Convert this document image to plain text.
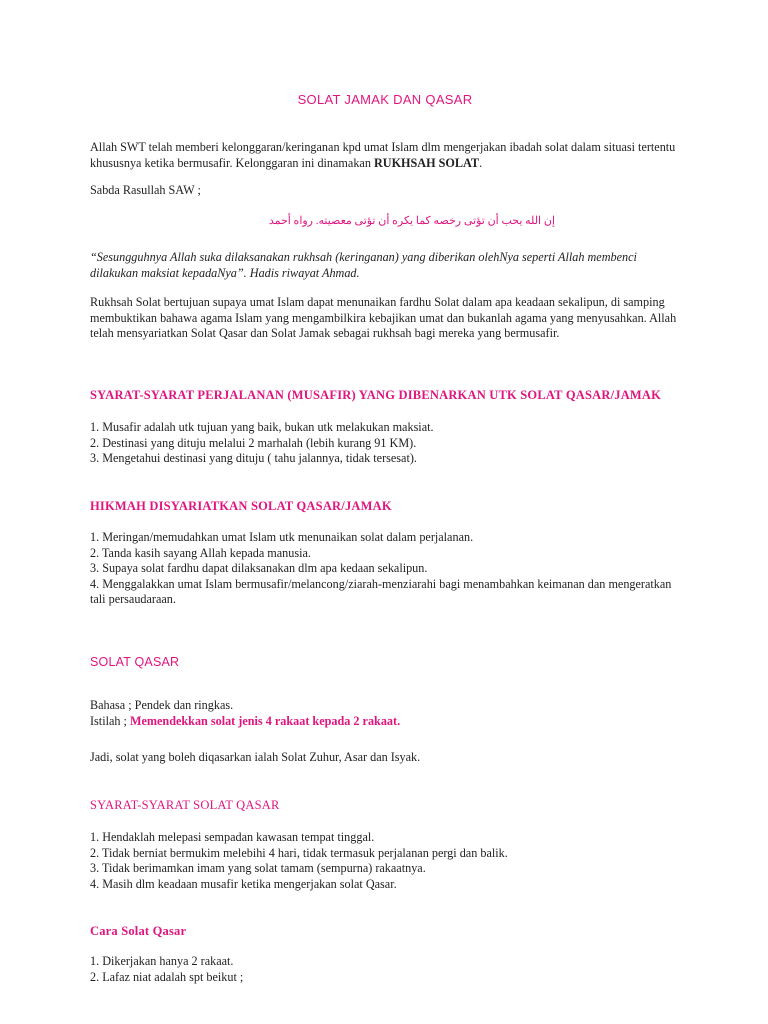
SOLAT JAMAK DAN QASAR

Allah SWT telah memberi kelonggaran/keringanan kpd umat Islam dlm mengerjakan ibadah solat dalam situasi tertentu khususnya ketika bermusafir. Kelonggaran ini dinamakan RUKHSAH SOLAT.

Sabda Rasullah SAW ;

إن الله يحب أن تؤتى رخصه كما يكره أن تؤتى معصيته. رواه أحمد

“Sesungguhnya Allah suka dilaksanakan rukhsah (keringanan) yang diberikan olehNya seperti Allah membenci dilakukan maksiat kepadaNya”. Hadis riwayat Ahmad.

Rukhsah Solat bertujuan supaya umat Islam dapat menunaikan fardhu Solat dalam apa keadaan sekalipun, di samping membuktikan bahawa agama Islam yang mengambilkira kebajikan umat dan bukanlah agama yang menyusahkan. Allah telah mensyariatkan Solat Qasar dan Solat Jamak sebagai rukhsah bagi mereka yang bermusafir.

SYARAT-SYARAT PERJALANAN (MUSAFIR) YANG DIBENARKAN UTK SOLAT QASAR/JAMAK

1. Musafir adalah utk tujuan yang baik, bukan utk melakukan maksiat.

2. Destinasi yang dituju melalui 2 marhalah (lebih kurang 91 KM).

3. Mengetahui destinasi yang dituju ( tahu jalannya, tidak tersesat).

HIKMAH DISYARIATKAN SOLAT QASAR/JAMAK

1. Meringan/memudahkan umat Islam utk menunaikan solat dalam perjalanan.

2. Tanda kasih sayang Allah kepada manusia.

3. Supaya solat fardhu dapat dilaksanakan dlm apa kedaan sekalipun.

4. Menggalakkan umat Islam bermusafir/melancong/ziarah-menziarahi bagi menambahkan keimanan dan mengeratkan tali persaudaraan.

SOLAT QASAR

Bahasa ; Pendek dan ringkas.

Istilah ; Memendekkan solat jenis 4 rakaat kepada 2 rakaat.

Jadi, solat yang boleh diqasarkan ialah Solat Zuhur, Asar dan Isyak.

SYARAT-SYARAT SOLAT QASAR

1. Hendaklah melepasi sempadan kawasan tempat tinggal.

2. Tidak berniat bermukim melebihi 4 hari, tidak termasuk perjalanan pergi dan balik.

3. Tidak berimamkan imam yang solat tamam (sempurna) rakaatnya.

4. Masih dlm keadaan musafir ketika mengerjakan solat Qasar.

Cara Solat Qasar

1. Dikerjakan hanya 2 rakaat.

2. Lafaz niat adalah spt beikut ;
